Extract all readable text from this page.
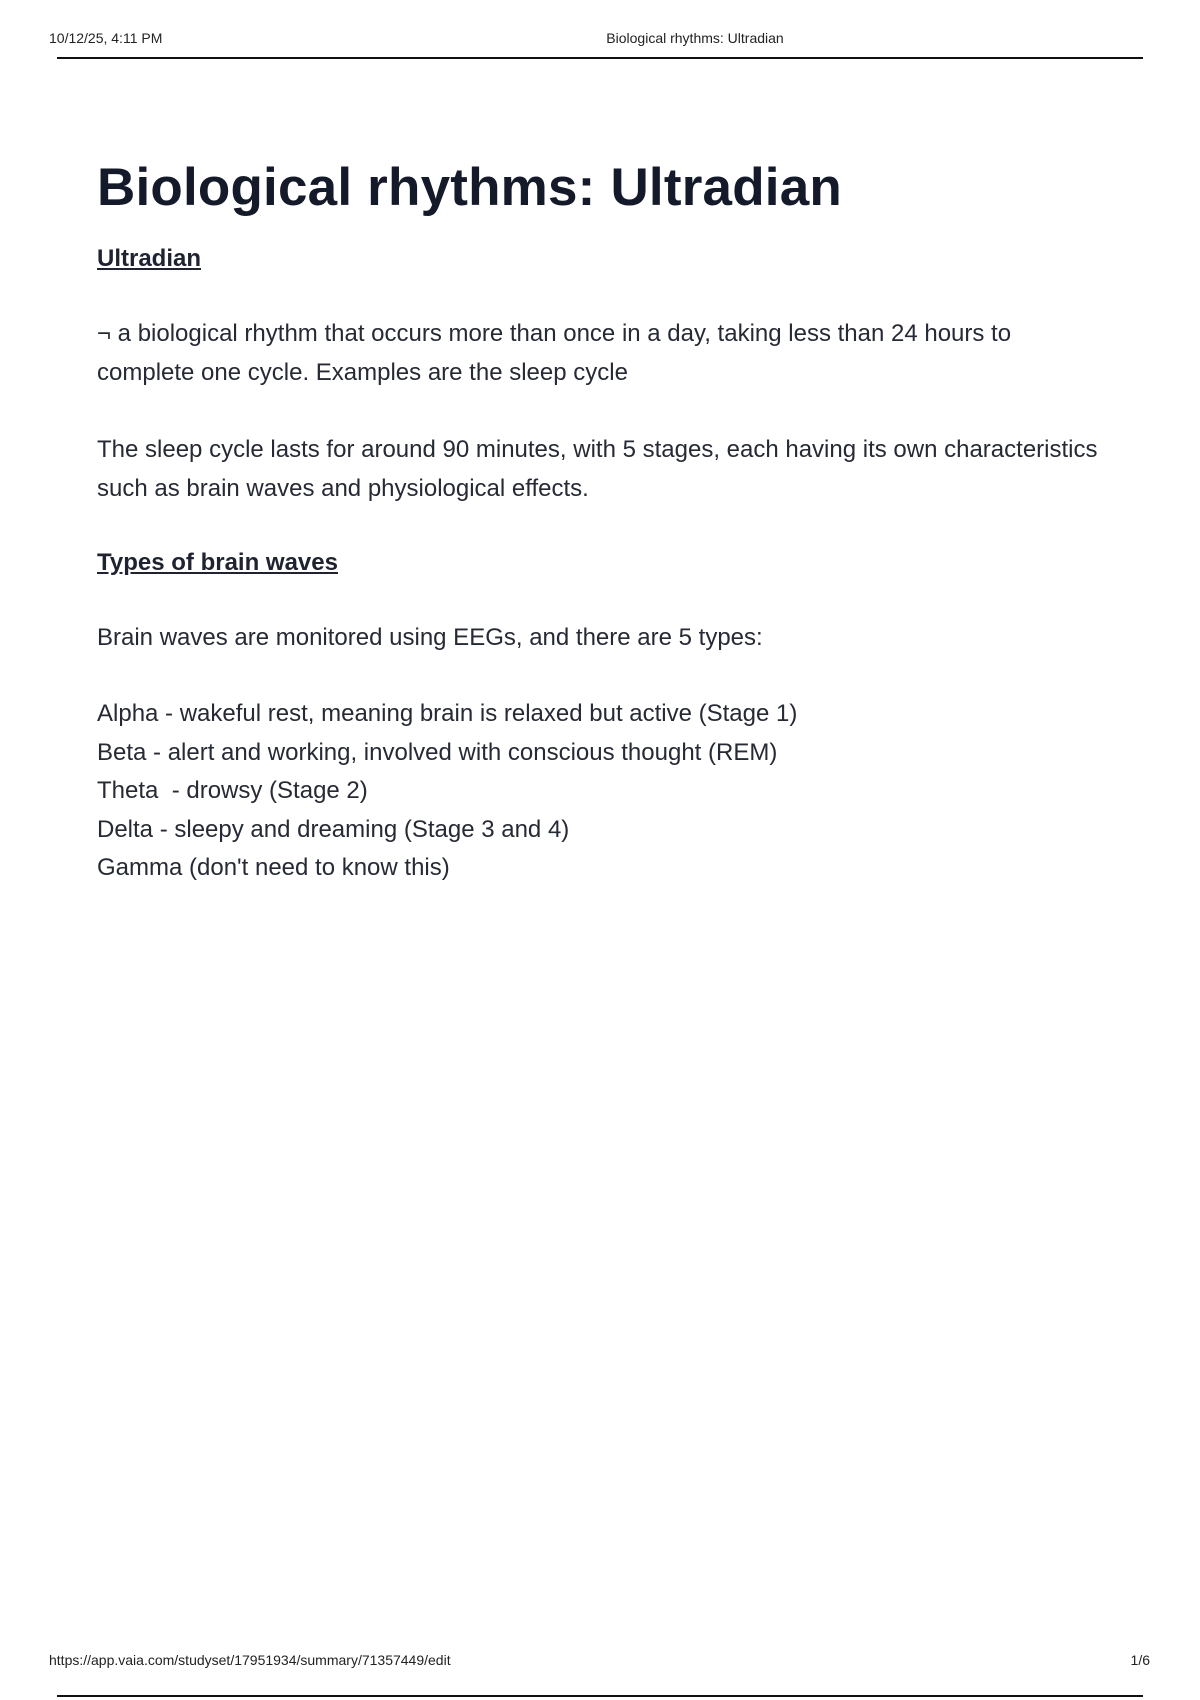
10/12/25, 4:11 PM	Biological rhythms: Ultradian
Biological rhythms: Ultradian
Ultradian

¬ a biological rhythm that occurs more than once in a day, taking less than 24 hours to complete one cycle. Examples are the sleep cycle

The sleep cycle lasts for around 90 minutes, with 5 stages, each having its own characteristics such as brain waves and physiological effects.

Types of brain waves

Brain waves are monitored using EEGs, and there are 5 types:

Alpha - wakeful rest, meaning brain is relaxed but active (Stage 1)
Beta - alert and working, involved with conscious thought (REM)
Theta  - drowsy (Stage 2)
Delta - sleepy and dreaming (Stage 3 and 4)
Gamma (don't need to know this)
https://app.vaia.com/studyset/17951934/summary/71357449/edit	1/6
